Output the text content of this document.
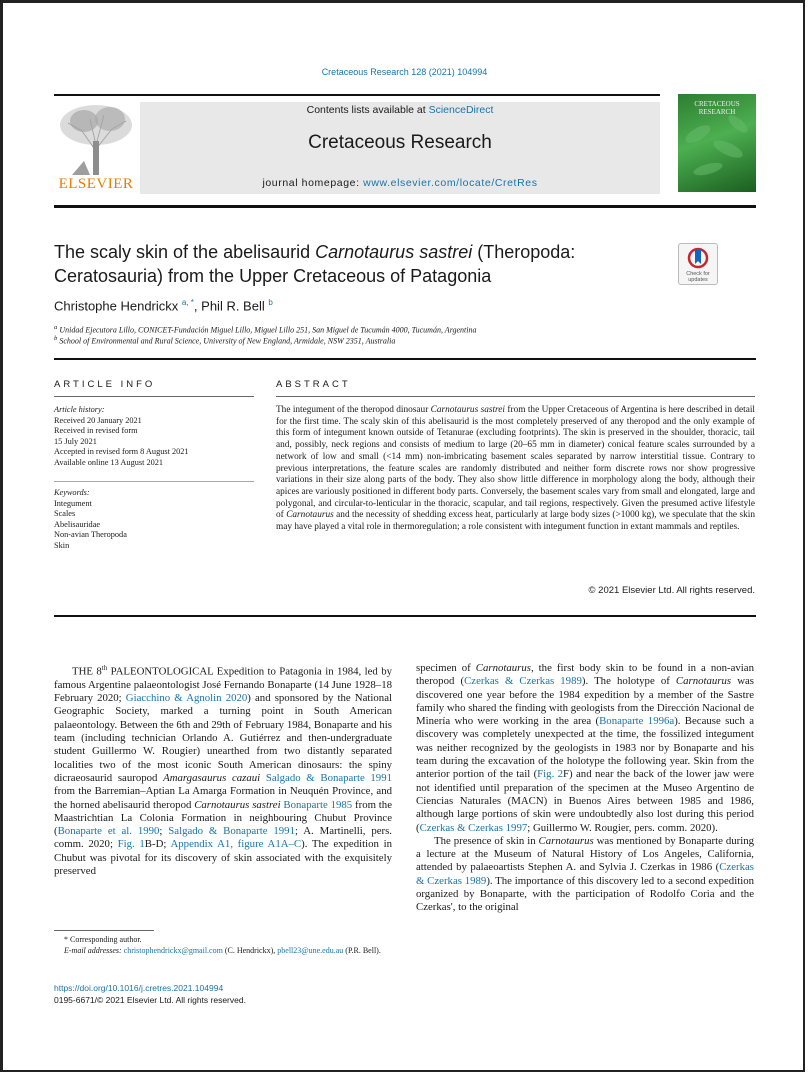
Cretaceous Research 128 (2021) 104994
ELSEVIER
Contents lists available at ScienceDirect
Cretaceous Research
journal homepage: www.elsevier.com/locate/CretRes
CRETACEOUS RESEARCH
The scaly skin of the abelisaurid Carnotaurus sastrei (Theropoda: Ceratosauria) from the Upper Cretaceous of Patagonia	Check for updates
Christophe Hendrickx $^{a, *}$, Phil R. Bell $^b$
$^a$ Unidad Ejecutora Lillo, CONICET-Fundación Miguel Lillo, Miguel Lillo 251, San Miguel de Tucumán 4000, Tucumán, Argentina
$^b$ School of Environmental and Rural Science, University of New England, Armidale, NSW 2351, Australia
ARTICLE INFO	ABSTRACT
Article history:
Received 20 January 2021
Received in revised form
15 July 2021
Accepted in revised form 8 August 2021
Available online 13 August 2021
Keywords:
Integument
Scales
Abelisauridae
Non-avian Theropoda
Skin
The integument of the theropod dinosaur Carnotaurus sastrei from the Upper Cretaceous of Argentina is here described in detail for the first time. The scaly skin of this abelisaurid is the most completely preserved of any theropod and the only example of this form of integument known outside of Tetanurae (excluding footprints). The skin is preserved in the shoulder, thoracic, tail and, possibly, neck regions and consists of medium to large (20–65 mm in diameter) conical feature scales surrounded by a network of low and small (<14 mm) non-imbricating basement scales separated by narrow interstitial tissue. Contrary to previous interpretations, the feature scales are randomly distributed and neither form discrete rows nor show progressive variations in their size along parts of the body. They also show little difference in morphology along the body, although their apices are variously positioned in different body parts. Conversely, the basement scales vary from small and elongated, large and polygonal, and circular-to-lenticular in the thoracic, scapular, and tail regions, respectively. Given the presumed active lifestyle of Carnotaurus and the necessity of shedding excess heat, particularly at large body sizes (>1000 kg), we speculate that the skin may have played a vital role in thermoregulation; a role consistent with integument function in extant mammals and reptiles.
© 2021 Elsevier Ltd. All rights reserved.

THE 8th PALEONTOLOGICAL Expedition to Patagonia in 1984, led by famous Argentine palaeontologist José Fernando Bonaparte (14 June 1928–18 February 2020; Giacchino & Agnolin 2020) and sponsored by the National Geographic Society, marked a turning point in South American palaeontology. Between the 6th and 29th of February 1984, Bonaparte and his team (including technician Orlando A. Gutiérrez and then-undergraduate student Guillermo W. Rougier) unearthed from two distantly separated localities two of the most iconic South American dinosaurs: the spiny dicraeosaurid sauropod Amargasaurus cazaui Salgado & Bonaparte 1991 from the Barremian–Aptian La Amarga Formation in Neuquén Province, and the horned abelisaurid theropod Carnotaurus sastrei Bonaparte 1985 from the Maastrichtian La Colonia Formation in neighbouring Chubut Province (Bonaparte et al. 1990; Salgado & Bonaparte 1991; A. Martinelli, pers. comm. 2020; Fig. 1B-D; Appendix A1, figure A1A–C). The expedition in Chubut was pivotal for its discovery of skin associated with the exquisitely preserved

specimen of Carnotaurus, the first body skin to be found in a non-avian theropod (Czerkas & Czerkas 1989). The holotype of Carnotaurus was discovered one year before the 1984 expedition by a member of the Sastre family who shared the finding with geologists from the Dirección Nacional de Minería who were working in the area (Bonaparte 1996a). Because such a discovery was completely unexpected at the time, the fossilized integument was neither recognized by the geologists in 1983 nor by Bonaparte and his team during the excavation of the holotype the following year. Skin from the anterior portion of the tail (Fig. 2F) and near the back of the lower jaw were not identified until preparation of the specimen at the Museo Argentino de Ciencias Naturales (MACN) in Buenos Aires between 1985 and 1986, although large portions of skin were undoubtedly also lost during this period (Czerkas & Czerkas 1997; Guillermo W. Rougier, pers. comm. 2020).

The presence of skin in Carnotaurus was mentioned by Bonaparte during a lecture at the Museum of Natural History of Los Angeles, California, attended by palaeoartists Stephen A. and Sylvia J. Czerkas in 1986 (Czerkas & Czerkas 1989). The importance of this discovery led to a second expedition organized by Bonaparte, with the participation of Rodolfo Coria and the Czerkas', to the original

* Corresponding author.
E-mail addresses: christophendrickx@gmail.com (C. Hendrickx), pbell23@une.edu.au (P.R. Bell).
https://doi.org/10.1016/j.cretres.2021.104994
0195-6671/© 2021 Elsevier Ltd. All rights reserved.
